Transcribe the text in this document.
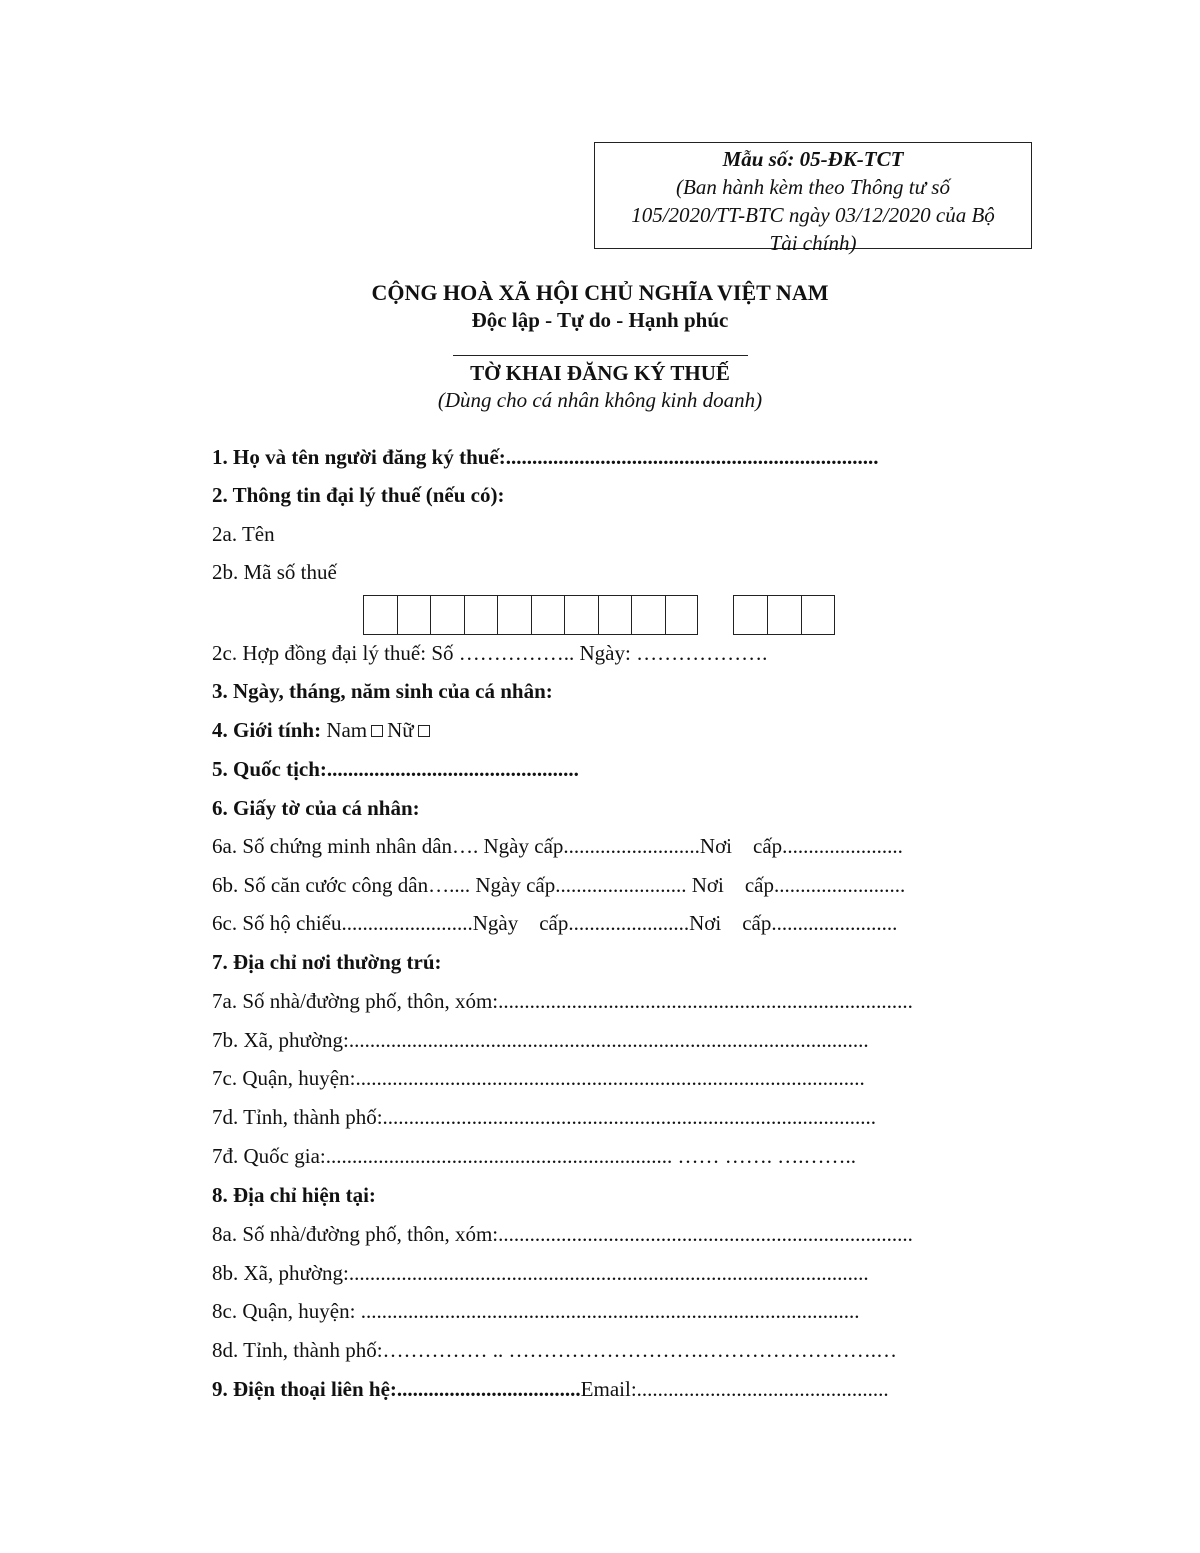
Mẫu số: 05-ĐK-TCT
(Ban hành kèm theo Thông tư số
105/2020/TT-BTC ngày 03/12/2020 của Bộ
Tài chính)
CỘNG HOÀ XÃ HỘI CHỦ NGHĨA VIỆT NAM
Độc lập - Tự do - Hạnh phúc
TỜ KHAI ĐĂNG KÝ THUẾ
(Dùng cho cá nhân không kinh doanh)
1. Họ và tên người đăng ký thuế:.......................................................................
2. Thông tin đại lý thuế (nếu có):
2a. Tên
2b. Mã số thuế
2c. Hợp đồng đại lý thuế: Số …………….. Ngày: ……………….
3. Ngày, tháng, năm sinh của cá nhân:
4. Giới tính: Nam Nữ
5. Quốc tịch:................................................
6. Giấy tờ của cá nhân:
6a. Số chứng minh nhân dân…. Ngày cấp..........................Nơi    cấp.......................
6b. Số căn cước công dân….... Ngày cấp......................... Nơi    cấp.........................
6c. Số hộ chiếu.........................Ngày    cấp.......................Nơi    cấp........................
7. Địa chỉ nơi thường trú:
7a. Số nhà/đường phố, thôn, xóm:...............................................................................
7b. Xã, phường:...................................................................................................
7c. Quận, huyện:.................................................................................................
7d. Tỉnh, thành phố:..............................................................................................
7đ. Quốc gia:.................................................................. …… ……. ….……..
8. Địa chỉ hiện tại:
8a. Số nhà/đường phố, thôn, xóm:...............................................................................
8b. Xã, phường:...................................................................................................
8c. Quận, huyện: ...............................................................................................
8d. Tỉnh, thành phố:…………… .. ……………………….…………………….…
9. Điện thoại liên hệ:...................................Email:................................................
